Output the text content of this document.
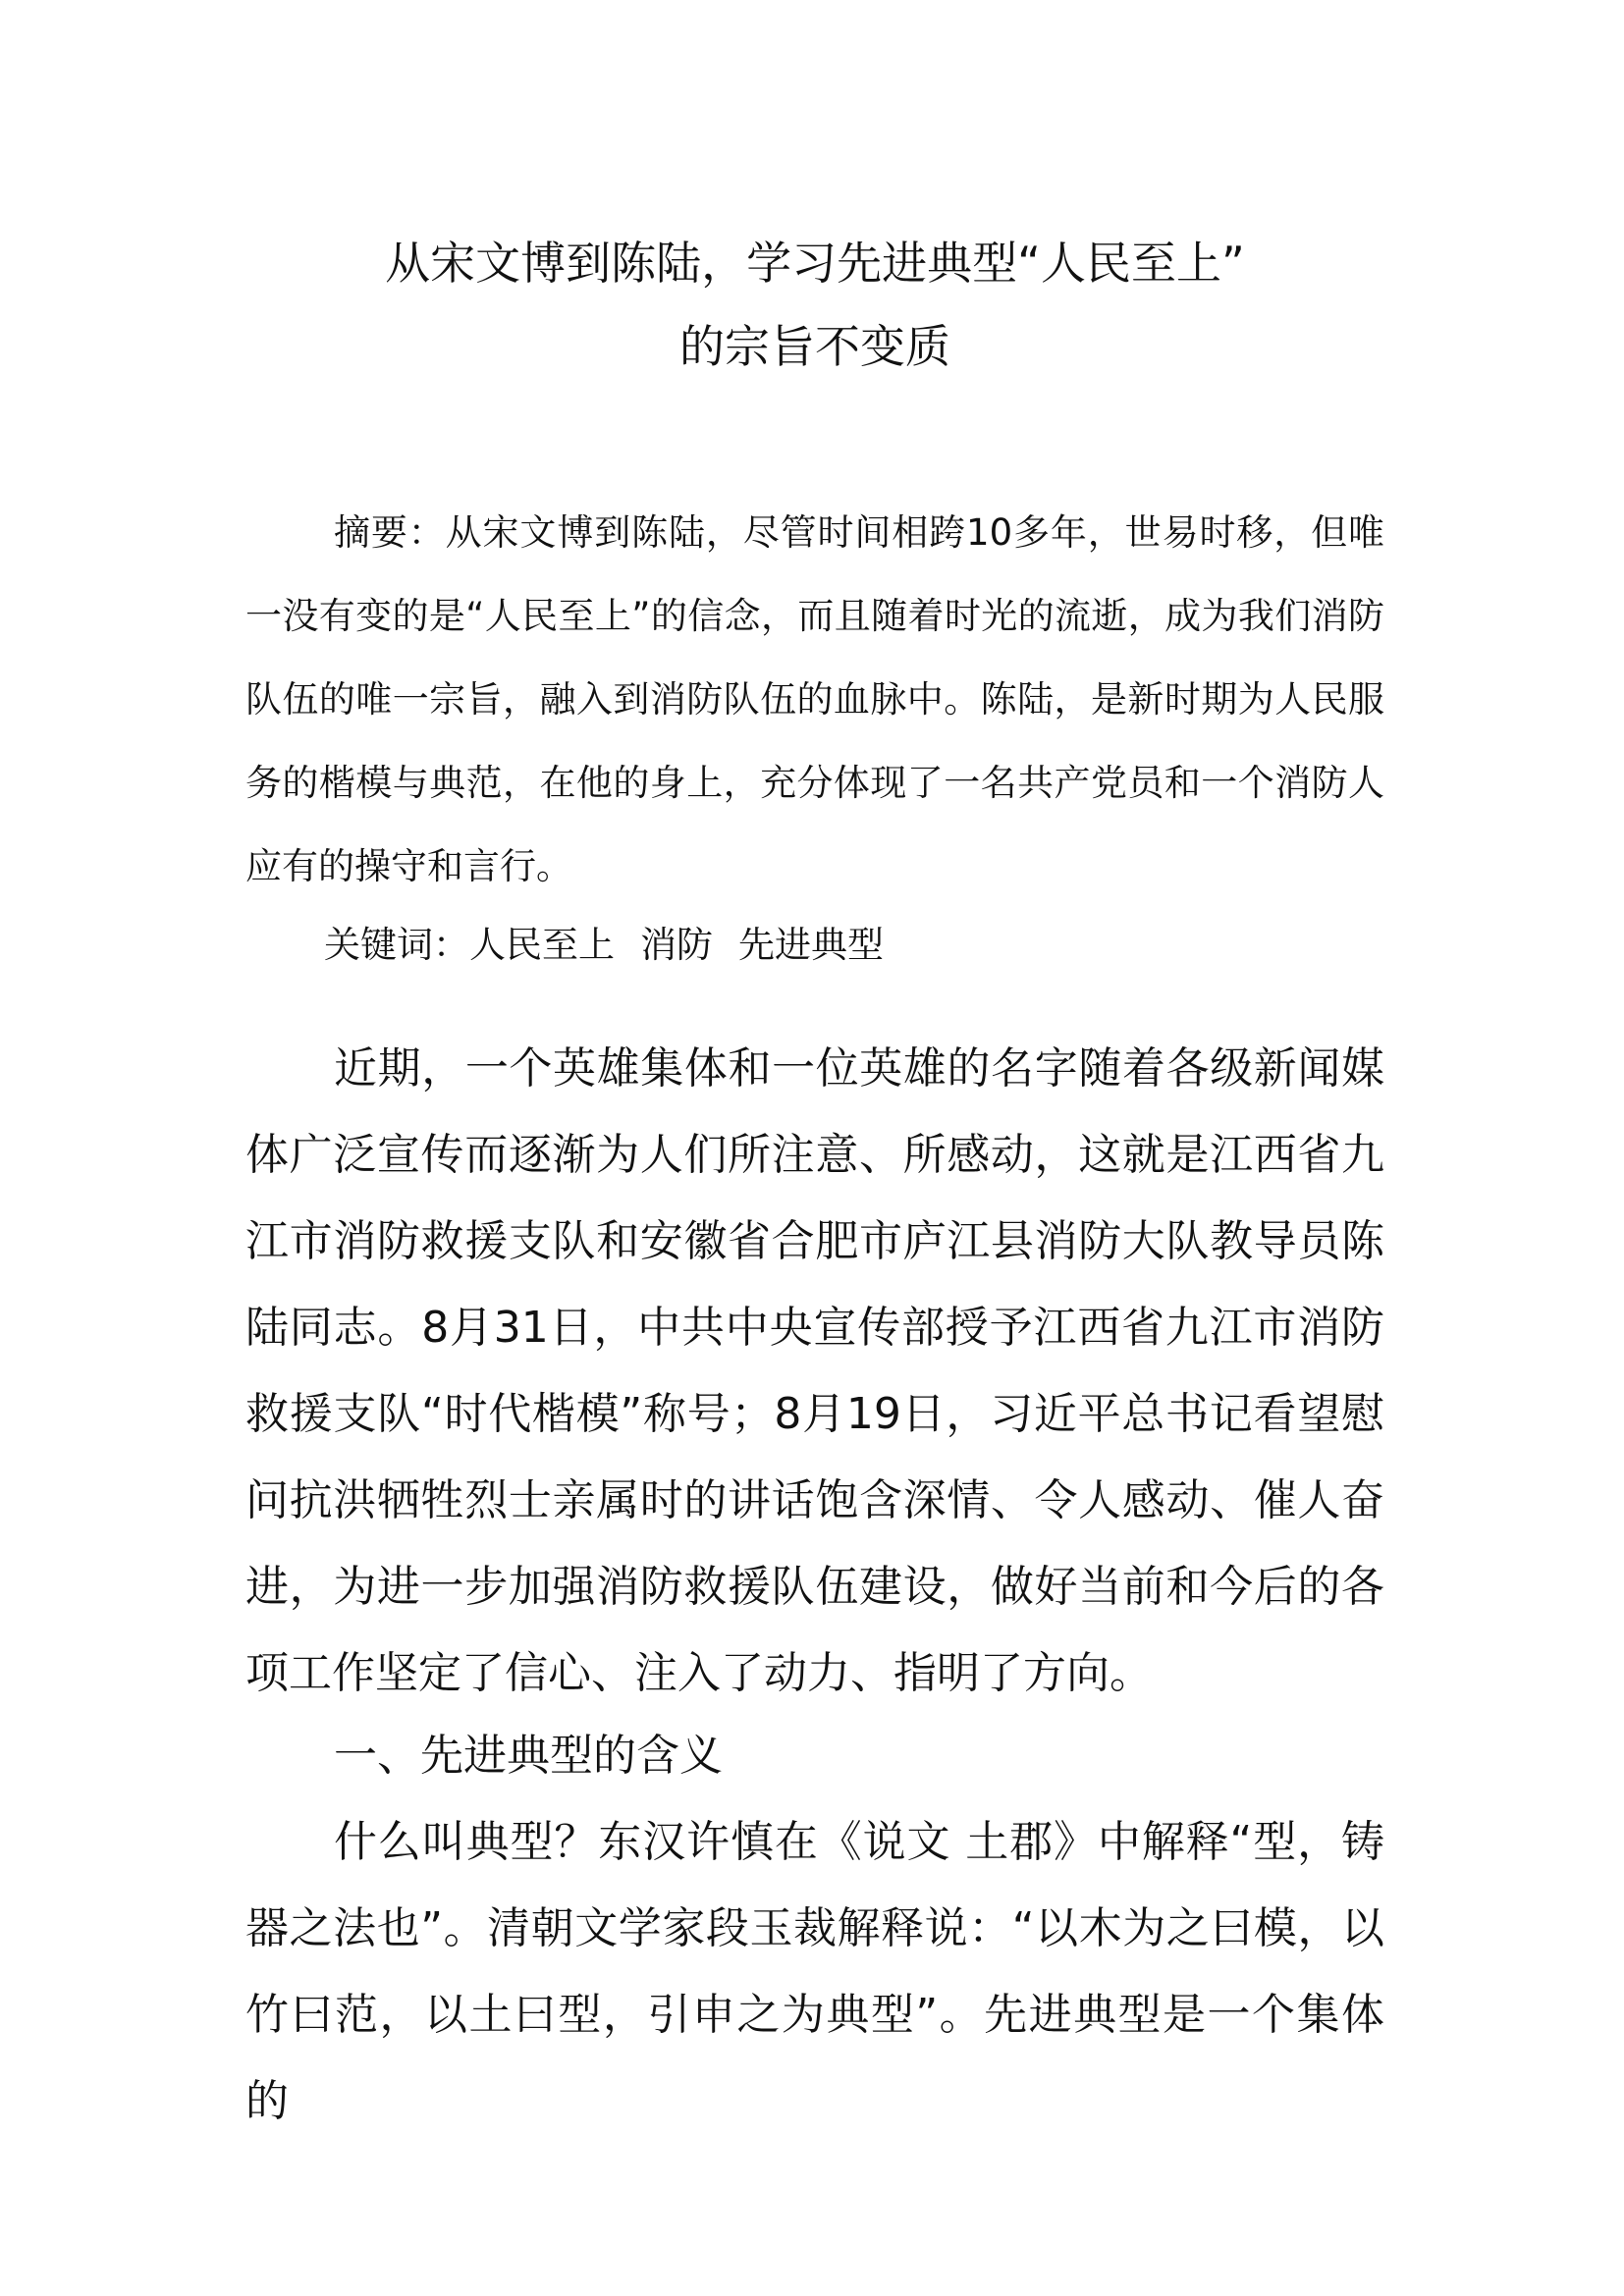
从宋文博到陈陆，学习先进典型“人民至上”
的宗旨不变质

摘要：从宋文博到陈陆，尽管时间相跨10多年，世易时移，但唯一没有变的是“人民至上”的信念，而且随着时光的流逝，成为我们消防队伍的唯一宗旨，融入到消防队伍的血脉中。陈陆，是新时期为人民服务的楷模与典范，在他的身上，充分体现了一名共产党员和一个消防人应有的操守和言行。

关键词：人民至上 消防 先进典型

近期，一个英雄集体和一位英雄的名字随着各级新闻媒体广泛宣传而逐渐为人们所注意、所感动，这就是江西省九江市消防救援支队和安徽省合肥市庐江县消防大队教导员陈陆同志。8月31日，中共中央宣传部授予江西省九江市消防救援支队“时代楷模”称号；8月19日，习近平总书记看望慰问抗洪牺牲烈士亲属时的讲话饱含深情、令人感动、催人奋进，为进一步加强消防救援队伍建设，做好当前和今后的各项工作坚定了信心、注入了动力、指明了方向。

一、先进典型的含义

什么叫典型？东汉许慎在《说文 土郡》中解释“型，铸器之法也”。清朝文学家段玉裁解释说：“以木为之曰模，以竹曰范，以土曰型，引申之为典型”。先进典型是一个集体的
